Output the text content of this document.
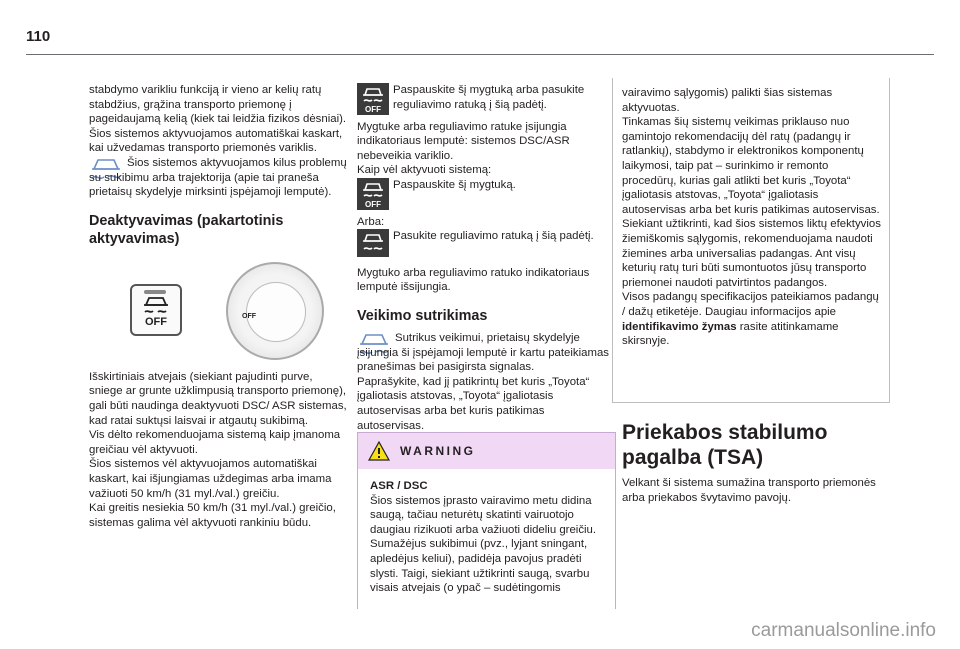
110

stabdymo varikliu funkciją ir vieno ar kelių ratų stabdžius, grąžina transporto priemonę į pageidaujamą kelią (kiek tai leidžia fizikos dėsniai).

Šios sistemos aktyvuojamos automatiškai kaskart, kai užvedamas transporto priemonės variklis.

Šios sistemos aktyvuojamos kilus problemų su sukibimu arba trajektorija (apie tai praneša prietaisų skydelyje mirksinti įspėjamoji lemputė).

Deaktyvavimas (pakartotinis aktyvavimas)
OFF	OFF

Išskirtiniais atvejais (siekiant pajudinti purve, sniege ar grunte užklimpusią transporto priemonę), gali būti naudinga deaktyvuoti DSC/ ASR sistemas, kad ratai suktųsi laisvai ir atgautų sukibimą.

Vis dėlto rekomenduojama sistemą kaip įmanoma greičiau vėl aktyvuoti.

Šios sistemos vėl aktyvuojamos automatiškai kaskart, kai išjungiamas uždegimas arba imama važiuoti 50 km/h (31 myl./val.) greičiu.

Kai greitis nesiekia 50 km/h (31 myl./val.) greičio, sistemas galima vėl aktyvuoti rankiniu būdu.

OFF

Paspauskite šį mygtuką arba pasukite reguliavimo ratuką į šią padėtį.

Mygtuke arba reguliavimo ratuke įsijungia indikatoriaus lemputė: sistemos DSC/ASR nebeveikia variklio.

Kaip vėl aktyvuoti sistemą:

OFF

Paspauskite šį mygtuką.

Arba:

Pasukite reguliavimo ratuką į šią padėtį.

Mygtuko arba reguliavimo ratuko indikatoriaus lemputė išsijungia.

Veikimo sutrikimas

Sutrikus veikimui, prietaisų skydelyje įsijungia ši įspėjamoji lemputė ir kartu pateikiamas pranešimas bei pasigirsta signalas.

Paprašykite, kad jį patikrintų bet kuris „Toyota“ įgaliotasis atstovas, „Toyota“ įgaliotasis autoservisas arba bet kuris patikimas autoservisas.

WARNING
ASR / DSC
Šios sistemos įprasto vairavimo metu didina saugą, tačiau neturėtų skatinti vairuotojo daugiau rizikuoti arba važiuoti dideliu greičiu. Sumažėjus sukibimui (pvz., lyjant sningant, apledėjus keliui), padidėja pavojus pradėti slysti. Taigi, siekiant užtikrinti saugą, svarbu visais atvejais (o ypač – sudėtingomis

vairavimo sąlygomis) palikti šias sistemas aktyvuotas.

Tinkamas šių sistemų veikimas priklauso nuo gamintojo rekomendacijų dėl ratų (padangų ir ratlankių), stabdymo ir elektronikos komponentų laikymosi, taip pat – surinkimo ir remonto procedūrų, kurias gali atlikti bet kuris „Toyota“ įgaliotasis atstovas, „Toyota“ įgaliotasis autoservisas arba bet kuris patikimas autoservisas.

Siekiant užtikrinti, kad šios sistemos liktų efektyvios žiemiškomis sąlygomis, rekomenduojama naudoti žiemines arba universalias padangas. Ant visų keturių ratų turi būti sumontuotos jūsų transporto priemonei naudoti patvirtintos padangos.

Visos padangų specifikacijos pateikiamos padangų / dažų etiketėje. Daugiau informacijos apie identifikavimo žymas rasite atitinkamame skirsnyje.

Priekabos stabilumo pagalba (TSA)

Velkant ši sistema sumažina transporto priemonės arba priekabos švytavimo pavojų.

carmanualsonline.info
